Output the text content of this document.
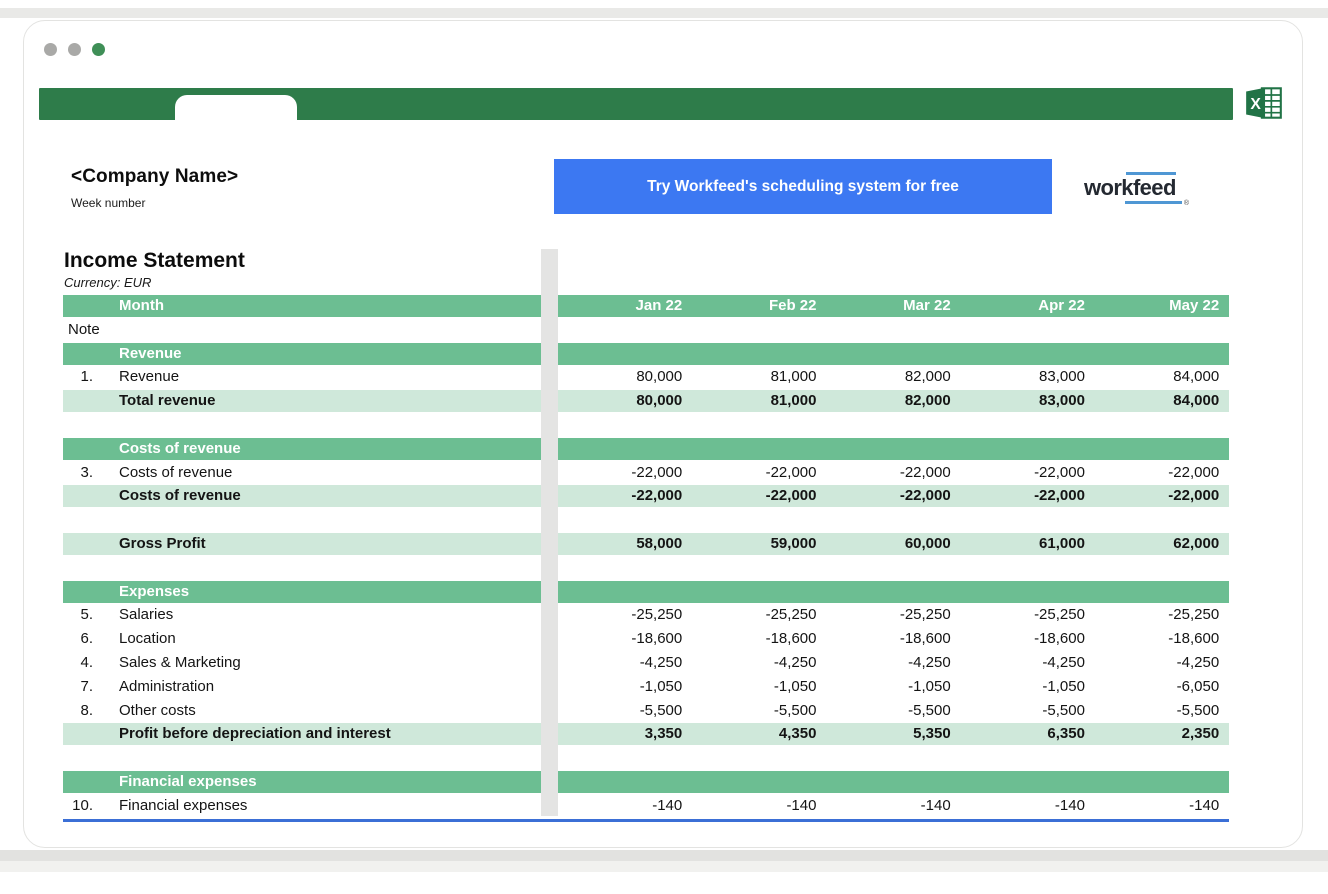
X
<Company Name>
Week number
Try Workfeed's scheduling system for free	workfeed
®
Income Statement
Currency: EUR
Month	Jan 22	Feb 22	Mar 22	Apr 22	May 22
Note
Revenue
1.	Revenue	80,000	81,000	82,000	83,000	84,000
Total revenue	80,000	81,000	82,000	83,000	84,000
Costs of revenue
3.	Costs of revenue	-22,000	-22,000	-22,000	-22,000	-22,000
Costs of revenue	-22,000	-22,000	-22,000	-22,000	-22,000
Gross Profit	58,000	59,000	60,000	61,000	62,000
Expenses
5.	Salaries	-25,250	-25,250	-25,250	-25,250	-25,250
6.	Location	-18,600	-18,600	-18,600	-18,600	-18,600
4.	Sales & Marketing	-4,250	-4,250	-4,250	-4,250	-4,250
7.	Administration	-1,050	-1,050	-1,050	-1,050	-6,050
8.	Other costs	-5,500	-5,500	-5,500	-5,500	-5,500
Profit before depreciation and interest	3,350	4,350	5,350	6,350	2,350
Financial expenses
10.	Financial expenses	-140	-140	-140	-140	-140
